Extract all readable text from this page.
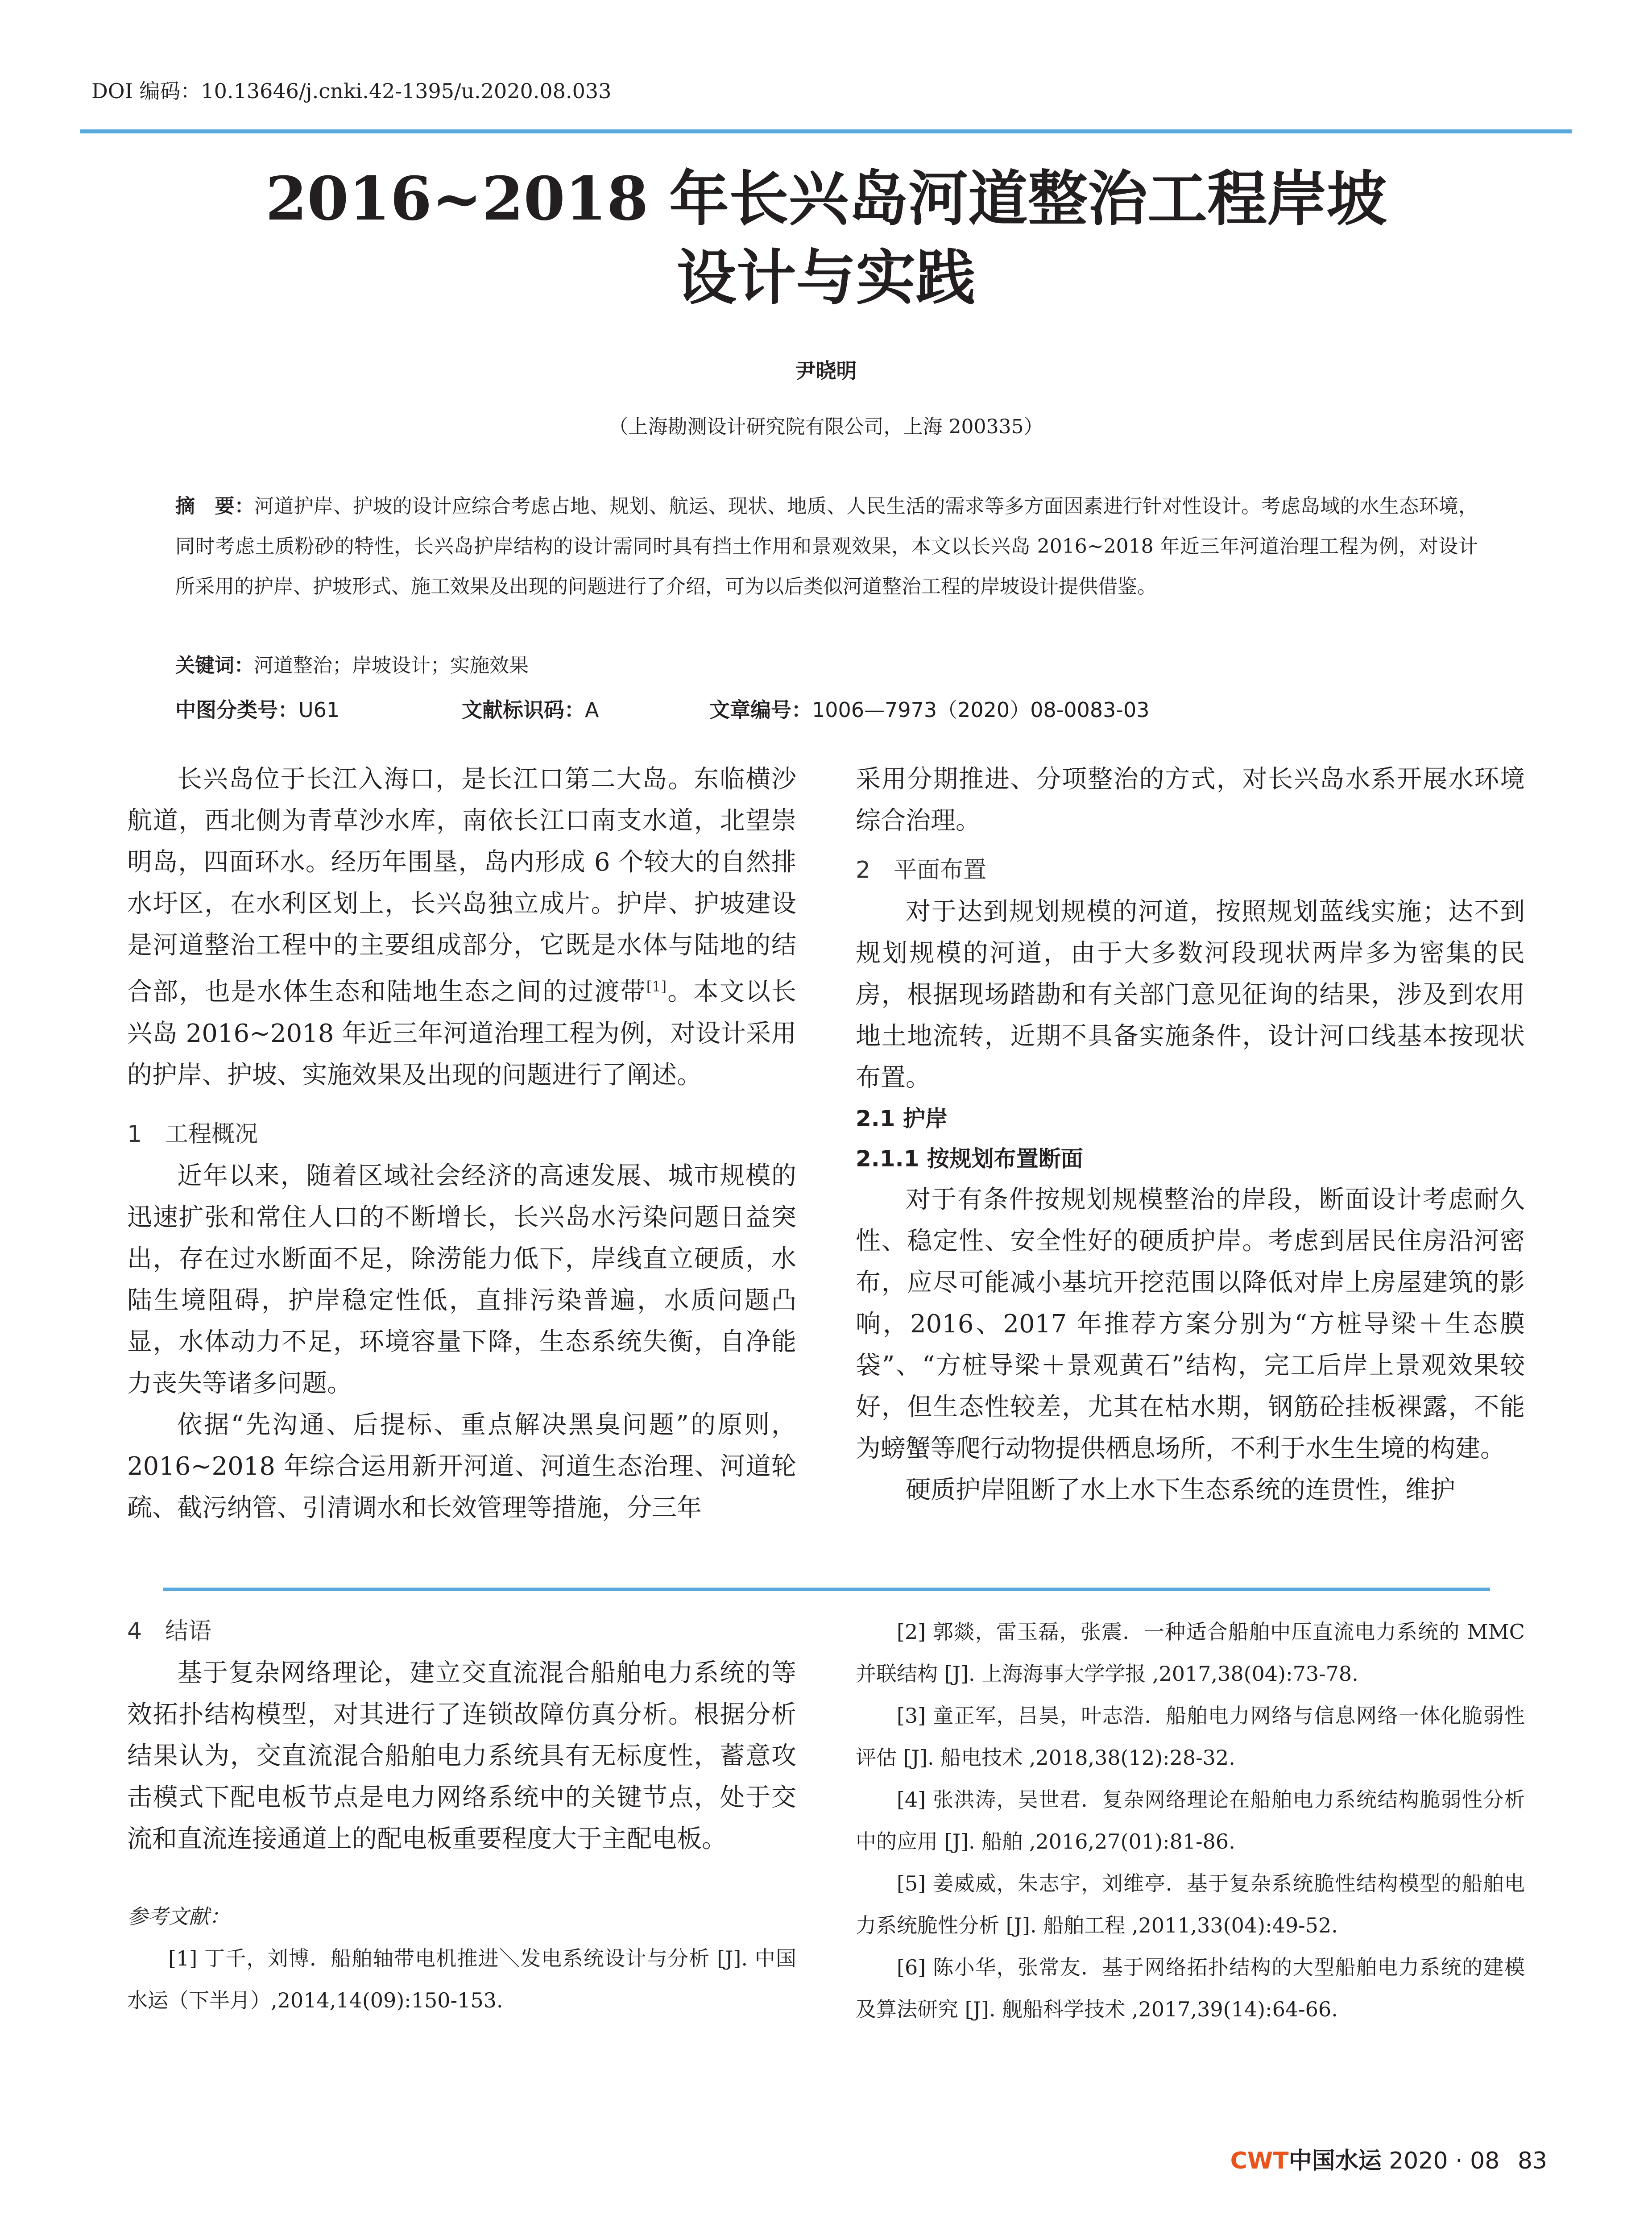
DOI 编码：10.13646/j.cnki.42-1395/u.2020.08.033
2016~2018 年长兴岛河道整治工程岸坡
设计与实践
尹晓明
（上海勘测设计研究院有限公司，上海 200335）
摘　要：河道护岸、护坡的设计应综合考虑占地、规划、航运、现状、地质、人民生活的需求等多方面因素进行针对性设计。考虑岛域的水生态环境，同时考虑土质粉砂的特性，长兴岛护岸结构的设计需同时具有挡土作用和景观效果，本文以长兴岛 2016~2018 年近三年河道治理工程为例，对设计所采用的护岸、护坡形式、施工效果及出现的问题进行了介绍，可为以后类似河道整治工程的岸坡设计提供借鉴。
关键词：河道整治；岸坡设计；实施效果
中图分类号：U61	文献标识码：A	文章编号：1006—7973（2020）08-0083-03

长兴岛位于长江入海口，是长江口第二大岛。东临横沙航道，西北侧为青草沙水库，南依长江口南支水道，北望崇明岛，四面环水。经历年围垦，岛内形成 6 个较大的自然排水圩区，在水利区划上，长兴岛独立成片。护岸、护坡建设是河道整治工程中的主要组成部分，它既是水体与陆地的结合部，也是水体生态和陆地生态之间的过渡带[1]。本文以长兴岛 2016~2018 年近三年河道治理工程为例，对设计采用的护岸、护坡、实施效果及出现的问题进行了阐述。

1　工程概况

近年以来，随着区域社会经济的高速发展、城市规模的迅速扩张和常住人口的不断增长，长兴岛水污染问题日益突出，存在过水断面不足，除涝能力低下，岸线直立硬质，水陆生境阻碍，护岸稳定性低，直排污染普遍，水质问题凸显，水体动力不足，环境容量下降，生态系统失衡，自净能力丧失等诸多问题。

依据“先沟通、后提标、重点解决黑臭问题”的原则，2016~2018 年综合运用新开河道、河道生态治理、河道轮疏、截污纳管、引清调水和长效管理等措施，分三年

采用分期推进、分项整治的方式，对长兴岛水系开展水环境综合治理。

2　平面布置

对于达到规划规模的河道，按照规划蓝线实施；达不到规划规模的河道，由于大多数河段现状两岸多为密集的民房，根据现场踏勘和有关部门意见征询的结果，涉及到农用地土地流转，近期不具备实施条件，设计河口线基本按现状布置。

2.1 护岸
2.1.1 按规划布置断面

对于有条件按规划规模整治的岸段，断面设计考虑耐久性、稳定性、安全性好的硬质护岸。考虑到居民住房沿河密布，应尽可能减小基坑开挖范围以降低对岸上房屋建筑的影响，2016、2017 年推荐方案分别为“方桩导梁＋生态膜袋”、“方桩导梁＋景观黄石”结构，完工后岸上景观效果较好，但生态性较差，尤其在枯水期，钢筋砼挂板裸露，不能为螃蟹等爬行动物提供栖息场所，不利于水生生境的构建。

硬质护岸阻断了水上水下生态系统的连贯性，维护

4　结语

基于复杂网络理论，建立交直流混合船舶电力系统的等效拓扑结构模型，对其进行了连锁故障仿真分析。根据分析结果认为，交直流混合船舶电力系统具有无标度性，蓄意攻击模式下配电板节点是电力网络系统中的关键节点，处于交流和直流连接通道上的配电板重要程度大于主配电板。

参考文献：

[1] 丁千，刘博．船舶轴带电机推进＼发电系统设计与分析 [J]. 中国水运（下半月）,2014,14(09):150-153.

[2] 郭燚，雷玉磊，张震．一种适合船舶中压直流电力系统的 MMC 并联结构 [J]. 上海海事大学学报 ,2017,38(04):73-78.

[3] 童正军，吕昊，叶志浩．船舶电力网络与信息网络一体化脆弱性评估 [J]. 船电技术 ,2018,38(12):28-32.

[4] 张洪涛，吴世君．复杂网络理论在船舶电力系统结构脆弱性分析中的应用 [J]. 船舶 ,2016,27(01):81-86.

[5] 姜威威，朱志宇，刘维亭．基于复杂系统脆性结构模型的船舶电力系统脆性分析 [J]. 船舶工程 ,2011,33(04):49-52.

[6] 陈小华，张常友．基于网络拓扑结构的大型船舶电力系统的建模及算法研究 [J]. 舰船科学技术 ,2017,39(14):64-66.

CWT中国水运 2020 · 08 83
